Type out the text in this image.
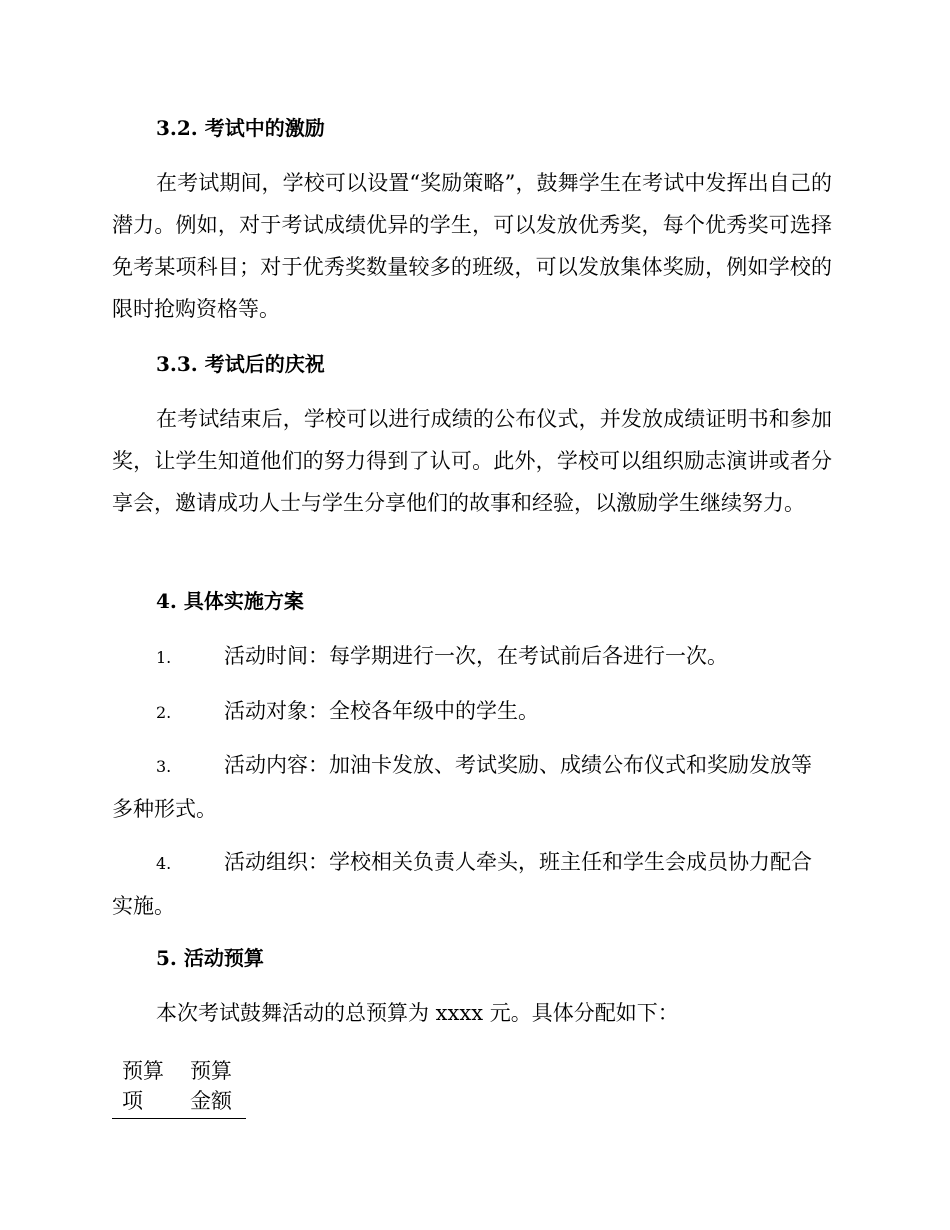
3.2. 考试中的激励

在考试期间，学校可以设置“奖励策略”，鼓舞学生在考试中发挥出自己的潜力。例如，对于考试成绩优异的学生，可以发放优秀奖，每个优秀奖可选择免考某项科目；对于优秀奖数量较多的班级，可以发放集体奖励，例如学校的限时抢购资格等。

3.3. 考试后的庆祝

在考试结束后，学校可以进行成绩的公布仪式，并发放成绩证明书和参加奖，让学生知道他们的努力得到了认可。此外，学校可以组织励志演讲或者分享会，邀请成功人士与学生分享他们的故事和经验，以激励学生继续努力。

4. 具体实施方案

1.	活动时间：每学期进行一次，在考试前后各进行一次。

2.	活动对象：全校各年级中的学生。

3.	活动内容：加油卡发放、考试奖励、成绩公布仪式和奖励发放等多种形式。

4.	活动组织：学校相关负责人牵头，班主任和学生会成员协力配合实施。

5. 活动预算

本次考试鼓舞活动的总预算为 xxxx 元。具体分配如下：

预算项	预算金额
